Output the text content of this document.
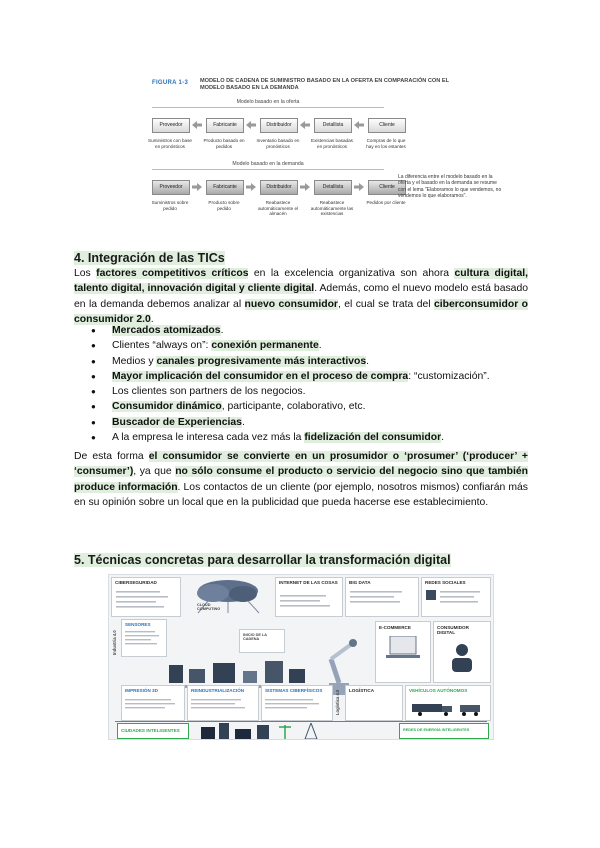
FIGURA 1-3 MODELO DE CADENA DE SUMINISTRO BASADO EN LA OFERTA EN COMPARACIÓN CON EL MODELO BASADO EN LA DEMANDA
Modelo basado en la oferta
Proveedor	Fabricante	Distribuidor	Detallista	Cliente
Suministros con base en pronósticos
Producto basado en pedidos
Inventario basado en pronósticos
Existencias basadas en pronósticos
Compras de lo que hay en los estantes
Modelo basado en la demanda
Proveedor	Fabricante	Distribuidor	Detallista	Cliente
Suministros sobre pedido
Producto sobre pedido
Reabastece automáticamente el almacén
Reabastece automáticamente las existencias
Pedidos por cliente
La diferencia entre el modelo basado en la oferta y el basado en la demanda se resume con el lema "Elaboramos lo que vendemos, no vendemos lo que elaboramos".
4. Integración de las TICs
Los factores competitivos críticos en la excelencia organizativa son ahora cultura digital, talento digital, innovación digital y cliente digital. Además, como el nuevo modelo está basado en la demanda debemos analizar al nuevo consumidor, el cual se trata del ciberconsumidor o consumidor 2.0.
● Mercados atomizados.
● Clientes “always on”: conexión permanente.
● Medios y canales progresivamente más interactivos.
● Mayor implicación del consumidor en el proceso de compra: “customización”.
● Los clientes son partners de los negocios.
● Consumidor dinámico, participante, colaborativo, etc.
● Buscador de Experiencias.
● A la empresa le interesa cada vez más la fidelización del consumidor.
De esta forma el consumidor se convierte en un prosumidor o ‘prosumer’ (‘producer’ + ‘consumer’), ya que no sólo consume el producto o servicio del negocio sino que también produce información. Los contactos de un cliente (por ejemplo, nosotros mismos) confiarán más en su opinión sobre un local que en la publicidad que pueda hacerse ese establecimiento.
5. Técnicas concretas para desarrollar la transformación digital
CIBERSEGURIDAD
CLOUD COMPUTING
INTERNET DE LAS COSAS BIG DATA	REDES SOCIALES
Industria 4.0
SENSORES
INICIO DE LA CADENA
E-COMMERCE	CONSUMIDOR DIGITAL
IMPRESIÓN 3D	REINDUSTRIALIZACIÓN	SISTEMAS CIBERFÍSICOS	Logística 4.0 LOGÍSTICA	VEHÍCULOS AUTÓNOMOS
CIUDADES INTELIGENTES	REDES DE ENERGÍA INTELIGENTES
